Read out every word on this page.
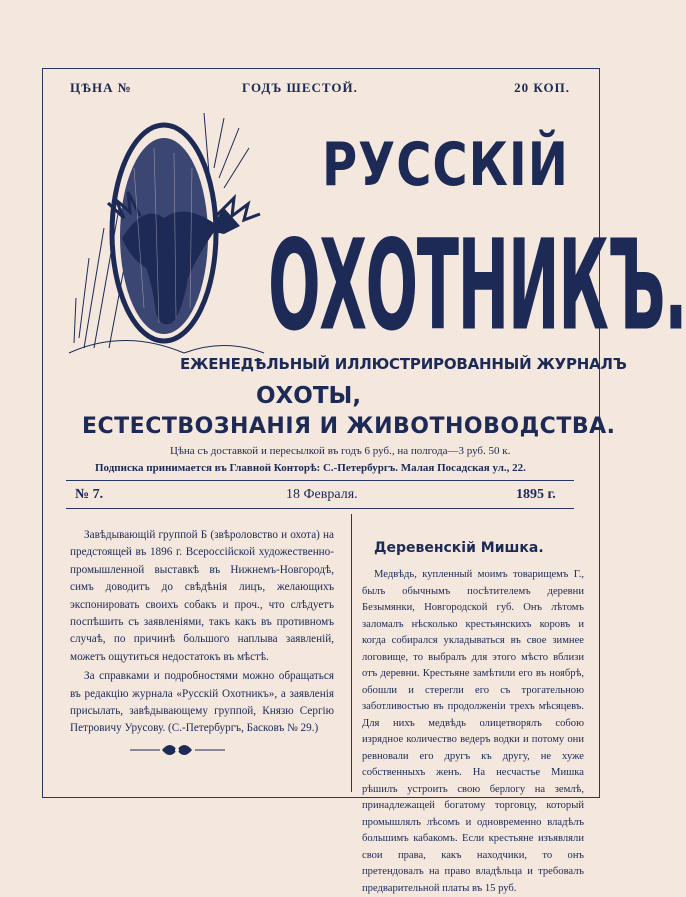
ЦѢНА №	ГОДЪ ШЕСТОЙ.	20 КОП.
РУССКІЙ
ОХОТНИКЪ.
ЕЖЕНЕДѢЛЬНЫЙ ИЛЛЮСТРИРОВАННЫЙ ЖУРНАЛЪ
ОХОТЫ,
ЕСТЕСТВОЗНАНІЯ И ЖИВОТНОВОДСТВА.
Цѣна съ доставкой и пересылкой въ годъ 6 руб., на полгода—3 руб. 50 к.
Подписка принимается въ Главной Конторѣ: С.-Петербургъ. Малая Посадская ул., 22.
№ 7.	18 Февраля.	1895 г.

Завѣдывающій группой Б (звѣроловство и охота) на предстоящей въ 1896 г. Всероссійской художественно-промышленной выставкѣ въ Нижнемъ-Новгородѣ, симъ доводитъ до свѣдѣнія лицъ, желающихъ экспонировать своихъ собакъ и проч., что слѣдуетъ поспѣшить съ заявленіями, такъ какъ въ противномъ случаѣ, по причинѣ большого наплыва заявленій, можетъ ощутиться недостатокъ въ мѣстѣ.

За справками и подробностями можно обращаться въ редакцію журнала «Русскій Охотникъ», а заявленія присылать, завѣдывающему группой, Князю Сергію Петровичу Урусову. (С.-Петербургъ, Басковъ № 29.)

Деревенскій Мишка.

Медвѣдь, купленный моимъ товарищемъ Г., былъ обычнымъ посѣтителемъ деревни Безымянки, Новгородской губ. Онъ лѣтомъ заломалъ нѣсколько крестьянскихъ коровъ и когда собирался укладываться въ свое зимнее логовище, то выбралъ для этого мѣсто вблизи отъ деревни. Крестьяне замѣтили его въ ноябрѣ, обошли и стерегли его съ трогательною заботливостью въ продолженіи трехъ мѣсяцевъ. Для нихъ медвѣдь олицетворялъ собою изрядное количество ведеръ водки и потому они ревновали его другъ къ другу, не хуже собственныхъ женъ. На несчастье Мишка рѣшилъ устроить свою берлогу на землѣ, принадлежащей богатому торговцу, который промышлялъ лѣсомъ и одновременно владѣлъ большимъ кабакомъ. Если крестьяне изъявляли свои права, какъ находчики, то онъ претендовалъ на право владѣльца и требовалъ предварительной платы въ 15 руб.
